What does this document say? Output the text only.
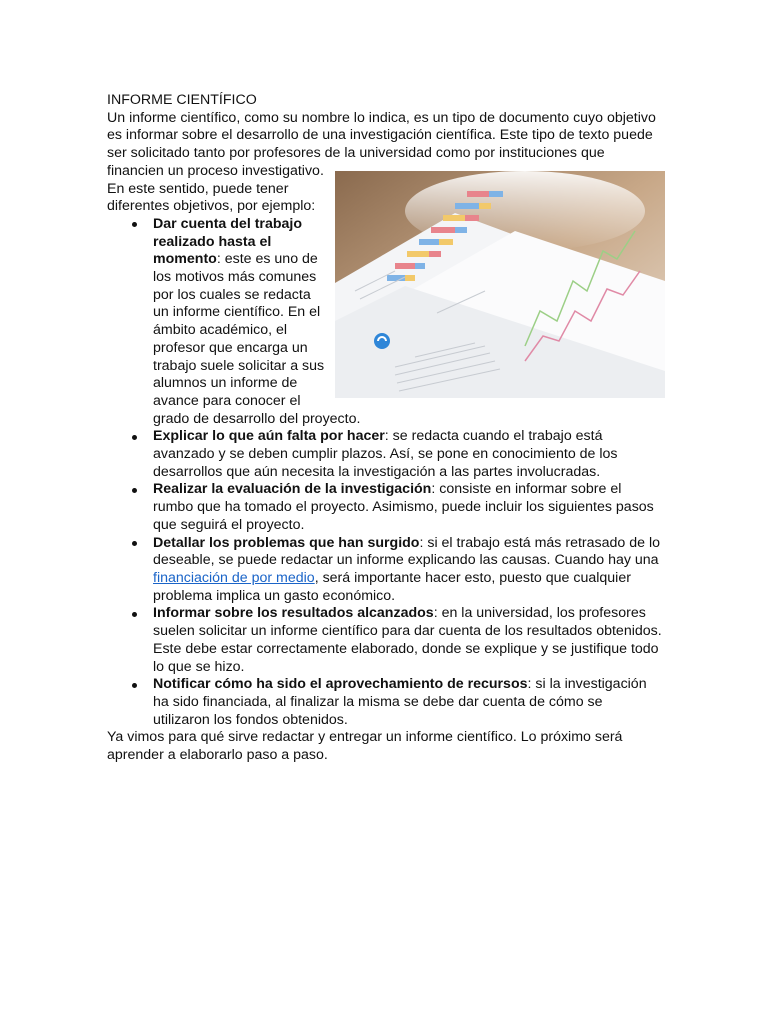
INFORME CIENTÍFICO

Un informe científico, como su nombre lo indica, es un tipo de documento cuyo objetivo es informar sobre el desarrollo de una investigación científica. Este tipo de texto puede ser solicitado tanto por profesores de la universidad como por instituciones que financien un proceso investigativo.

En este sentido, puede tener diferentes objetivos, por ejemplo:

Dar cuenta del trabajo realizado hasta el momento: este es uno de los motivos más comunes por los cuales se redacta un informe científico. En el ámbito académico, el profesor que encarga un trabajo suele solicitar a sus alumnos un informe de avance para conocer el grado de desarrollo del proyecto.
Explicar lo que aún falta por hacer: se redacta cuando el trabajo está avanzado y se deben cumplir plazos. Así, se pone en conocimiento de los desarrollos que aún necesita la investigación a las partes involucradas.
Realizar la evaluación de la investigación: consiste en informar sobre el rumbo que ha tomado el proyecto. Asimismo, puede incluir los siguientes pasos que seguirá el proyecto.
Detallar los problemas que han surgido: si el trabajo está más retrasado de lo deseable, se puede redactar un informe explicando las causas. Cuando hay una financiación de por medio, será importante hacer esto, puesto que cualquier problema implica un gasto económico.
Informar sobre los resultados alcanzados: en la universidad, los profesores suelen solicitar un informe científico para dar cuenta de los resultados obtenidos. Este debe estar correctamente elaborado, donde se explique y se justifique todo lo que se hizo.
Notificar cómo ha sido el aprovechamiento de recursos: si la investigación ha sido financiada, al finalizar la misma se debe dar cuenta de cómo se utilizaron los fondos obtenidos.

Ya vimos para qué sirve redactar y entregar un informe científico. Lo próximo será aprender a elaborarlo paso a paso.
